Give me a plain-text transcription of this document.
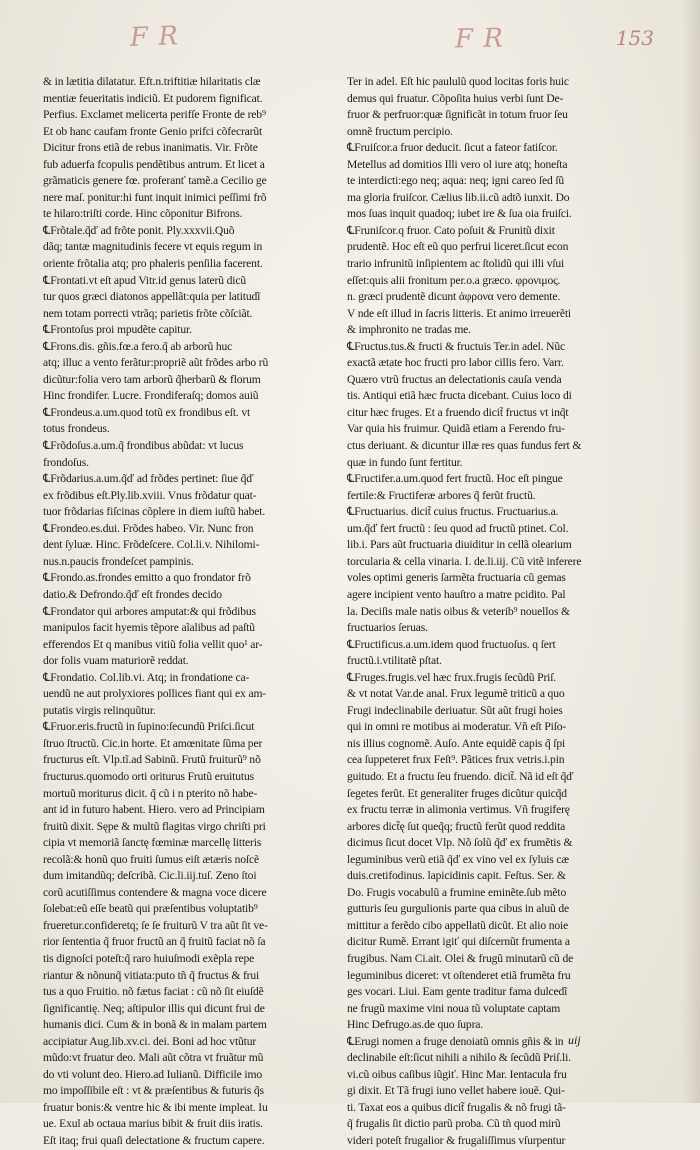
F R	F R	153
& in lætitia dilatatur. Eft.n.triftitiæ hilaritatis clæ
mentiæ feueritatis indiciũ. Et pudorem fignificat.
Perfius. Exclamet melicerta perifſe Fronte de reb⁹
Et ob hanc caufam fronte Genio prifci cõfecrarũt
Dicitur frons etiã de rebus inanimatis. Vir. Frõte
fub aduerfa fcopulis pendẽtibus antrum. Et licet a
grãmaticis genere fœ. proferanť tamẽ.a Cecilio ge
nere maſ. ponitur:hi funt inquit inimici peſſimi frõ
te hilaro:triſti corde. Hinc cõponitur Bifrons.
℄Frõtale.q̃ď ad frõte ponit. Ply.xxxvii.Quõ
dãq; tantæ magnitudinis fecere vt equis regum in
oriente frõtalia atq; pro phaleris penſilia facerent.
℄Frontati.vt eſt apud Vitr.id genus laterũ dicũ
tur quos græci diatonos appellãt:quia per latitudĩ
nem totam porrecti vtrãq; parietis frõte cõſciãt.
℄Frontoſus proi mpudẽte capitur.
℄Frons.dis. gñis.fœ.a fero.q̃ ab arborũ huc
atq; illuc a vento ferãtur:propriẽ aũt frõdes arbo rũ
dicũtur:folia vero tam arborũ q̃herbarũ & florum
Hinc frondifer. Lucre. Frondiferaſq; domos auiũ
℄Frondeus.a.um.quod totũ ex frondibus eſt. vt
totus frondeus.
℄Frõdoſus.a.um.q̃ frondibus abũdat: vt lucus
frondoſus.
℄Frõdarius.a.um.q̃ď ad frõdes pertinet: ſiue q̃ď
ex frõdibus eſt.Ply.lib.xviii. Vnus frõdatur quat-
tuor frõdarias fiſcinas cõplere in diem iuſtũ habet.
℄Frondeo.es.dui. Frõdes habeo. Vir. Nunc fron
dent ſyluæ. Hinc. Frõdeſcere. Col.li.v. Nihilomi-
nus.n.paucis frondeſcet pampinis.
℄Frondo.as.frondes emitto a quo frondator frõ
datio.& Defrondo.q̃ď eſt frondes decido
℄Frondator qui arbores amputat:& qui frõdibus
manipulos facit hyemis tẽpore aĩalibus ad paſtũ
efferendos Et q manibus vitiũ folia vellit quo¹ ar-
dor folis vuam maturiorẽ reddat.
℄Frondatio. Col.lib.vi. Atq; in frondatione ca-
uendũ ne aut prolyxiores pollices fiant qui ex am-
putatis virgis relinquũtur.
℄Fruor.eris.fructũ in ſupino:ſecundũ Priſci.ſicut
ſtruo ſtructũ. Cic.in horte. Et amœnitate ſũma per
fructurus eſt. Vlp.tĩ.ad Sabinũ. Frutũ fruiturũ⁹ nõ
fructurus.quomodo orti oriturus Frutũ eruitutus
mortuũ moriturus dicit. q̃ cũ i n pterito nõ habe-
ant id in futuro habent. Hiero. vero ad Principiam
fruitũ dixit. Sępe & multũ flagitas virgo chriſti pri
cipia vt memoriã ſanctę fœminæ marcellę litteris
recolã:& honũ quo fruiti ſumus eiſt ætæris noſcẽ
dum imitandũq; deſcribã. Cic.li.iij.tuſ. Zeno ſtoi
corũ acutiſſimus contendere & magna voce dicere
ſolebat:eũ eſſe beatũ qui præſentibus voluptatib⁹
frueretur.confideretq; ſe ſe fruiturũ V tra aũt ſit ve-
rior ſententia q̃ fruor fructũ an q̃ fruitũ faciat nõ ſa
tis dignoſci poteſt:q̃ raro huiuſmodi exẽpla repe
riantur & nõnunq̃ vitiata:puto tñ q̃ fructus & frui
tus a quo Fruitio. nõ fætus faciat : cũ nõ ſit eiuſdẽ
ſignificantię. Neq; aſtipulor illis qui dicunt frui de
humanis dici. Cum & in bonã & in malam partem
accipiatur Aug.lib.xv.ci. dei. Boni ad hoc vtũtur
mũdo:vt fruatur deo. Mali aũt cõtra vt fruãtur mũ
do vti volunt deo. Hiero.ad Iulianũ. Difficile imo
mo impoſſibile eſt : vt & præſentibus & futuris q̃s
fruatur bonis:& ventre hic & ibi mente impleat. Iu
ue. Exul ab octaua marius bibit & fruit diis iratis.
Eſt itaq; frui quaſi delectatione & fructum capere.
Ter in adel. Eſt hic paululũ quod locitas foris huic
demus qui fruatur. Cõpoſita huius verbi ſunt De-
fruor & perfruor:quæ ſignificãt in totum fruor ſeu
omnẽ fructum percipio.
℄Fruiſcor.a fruor deducit. ſicut a fateor fatiſcor.
Metellus ad domitios Illi vero ol iure atq; honeſta
te interdicti:ego neq; aqua: neq; igni careo ſed ſũ
ma gloria fruiſcor. Cælius lib.ii.cũ adtõ iunxit. Do
mos ſuas inquit quadoq; iubet ire & ſua oia fruiſci.
℄Fruniſcor.q fruor. Cato poſuit & Frunitũ dixit
prudentẽ. Hoc eſt eũ quo perfrui liceret.ſicut econ
trario infrunitũ inſipientem ac ſtolidũ qui illi vſui
eſſet:quis alii fronitum per.o.a græco. φρονιμος.
n. græci prudentẽ dicunt ἀφρονα vero demente.
V nde eſt illud in ſacris litteris. Et animo irreuerẽti
& imphronito ne tradas me.
℄Fructus.tus.& fructi & fructuis Ter.in adel. Nũc
exactã ætate hoc fructi pro labor cillis fero. Varr.
Quæro vtrũ fructus an delectationis cauſa venda
tis. Antiqui etiã hæc fructa dicebant. Cuius loco di
citur hæc fruges. Et a fruendo dicit̃ fructus vt inq̃t
Var quia his fruimur. Quidã etiam a Ferendo fru-
ctus deriuant. & dicuntur illæ res quas fundus fert &
quæ in fundo ſunt fertitur.
℄Fructifer.a.um.quod fert fructũ. Hoc eſt pingue
fertile:& Fructiferæ arbores q̃ ferũt fructũ.
℄Fructuarius. dicit̃ cuius fructus. Fructuarius.a.
um.q̃ď fert fructũ : ſeu quod ad fructũ ptinet. Col.
lib.i. Pars aũt fructuaria diuiditur in cellã olearium
torcularia & cella vinaria. I. de.li.iij. Cũ vitẽ inferere
voles optimi generis ſarmẽta fructuaria cũ gemas
agere incipient vento hauſtro a matre pcidito. Pal
la. Deciſis male natis oibus & veterib⁹ nouellos &
fructuarios ſeruas.
℄Fructificus.a.um.idem quod fructuoſus. q ſert
fructũ.i.vtilitatẽ pſtat.
℄Fruges.frugis.vel hæc frux.frugis ſecũdũ Priſ.
& vt notat Var.de anal. Frux legumẽ triticũ a quo
Frugi indeclinabile deriuatur. Sũt aũt frugi hoies
qui in omni re motibus ai moderatur. Vñ eſt Piſo-
nis illius cognomẽ. Auſo. Ante equidẽ capis q̃ ſpi
cea ſuppeteret frux Feſt⁹. Pãtices frux vetris.i.pin
guitudo. Et a fructu ſeu fruendo. dicit̃. Nã id eſt q̃ď
ſegetes ferũt. Et generaliter fruges dicũtur quicq̃d
ex fructu terræ in alimonia vertimus. Vñ frugiferę
arbores dict̃ę ſut queq̃q; fructũ ferũt quod reddita
dicimus ſicut docet Vlp. Nõ ſolũ q̃ď ex frumẽtis &
leguminibus verũ etiã q̃ď ex vino vel ex ſyluis cæ
duis.cretifodinus. lapicidinis capit. Feſtus. Ser. &
Do. Frugis vocabulũ a frumine eminẽte.ſub mẽto
gutturis ſeu gurgulionis parte qua cibus in aluũ de
mittitur a ferẽdo cibo appellatũ dicũt. Et alio noie
dicitur Rumẽ. Errant igiť qui diſcernũt frumenta a
frugibus. Nam Ci.ait. Olei & frugũ minutarũ cũ de
leguminibus diceret: vt oſtenderet etiã frumẽta fru
ges vocari. Liui. Eam gente traditur fama dulcedĩ
ne frugũ maxime vini noua tũ voluptate captam
Hinc Defrugo.as.de quo ſupra.
℄Erugi nomen a fruge denoiatũ omnis gñis & in
declinabile eſt:ſicut nihili a nihilo & ſecũdũ Priſ.li.
vi.cũ oibus caſibus iũgiť. Hinc Mar. Ientacula fru
gi dixit. Et Tã frugi iuno vellet habere iouẽ. Qui-
ti. Taxat eos a quibus dicit̃ frugalis & nõ frugi tã-
q̃ frugalis ſit dictio parũ proba. Cũ tñ quod mirũ
videri poteſt frugalior & frugaliſſimus vſurpentur
uij
